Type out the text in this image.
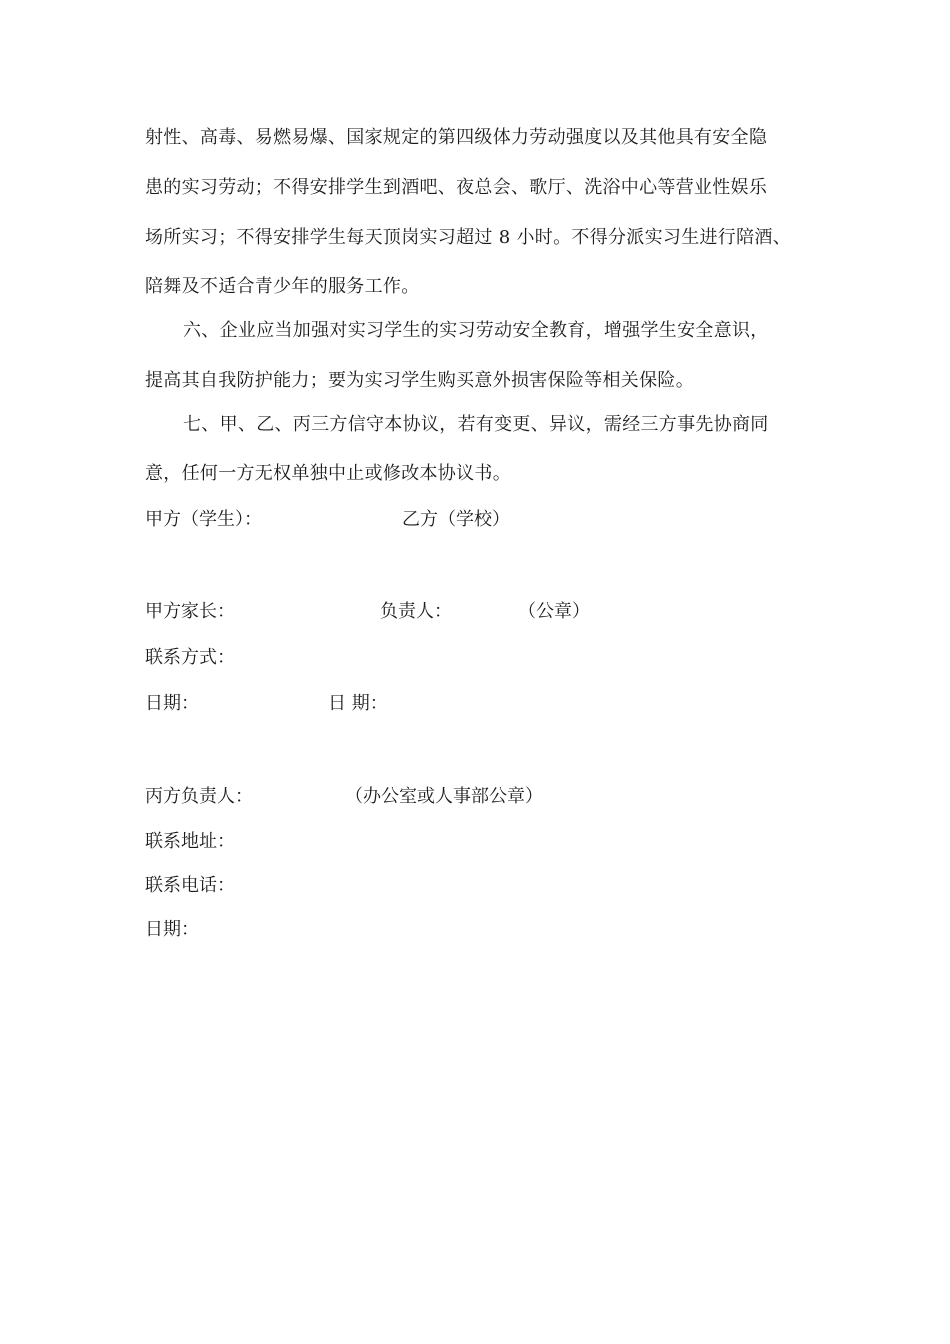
射性、高毒、易燃易爆、国家规定的第四级体力劳动强度以及其他具有安全隐
患的实习劳动；不得安排学生到酒吧、夜总会、歌厅、洗浴中心等营业性娱乐
场所实习；不得安排学生每天顶岗实习超过 8 小时。不得分派实习生进行陪酒、
陪舞及不适合青少年的服务工作。
六、企业应当加强对实习学生的实习劳动安全教育，增强学生安全意识，
提高其自我防护能力；要为实习学生购买意外损害保险等相关保险。
七、甲、乙、丙三方信守本协议，若有变更、异议，需经三方事先协商同
意，任何一方无权单独中止或修改本协议书。
甲方（学生）：	乙方（学校）
甲方家长：	负责人：	（公章）
联系方式：
日期：	日 期：
丙方负责人：	（办公室或人事部公章）
联系地址：
联系电话：
日期：
